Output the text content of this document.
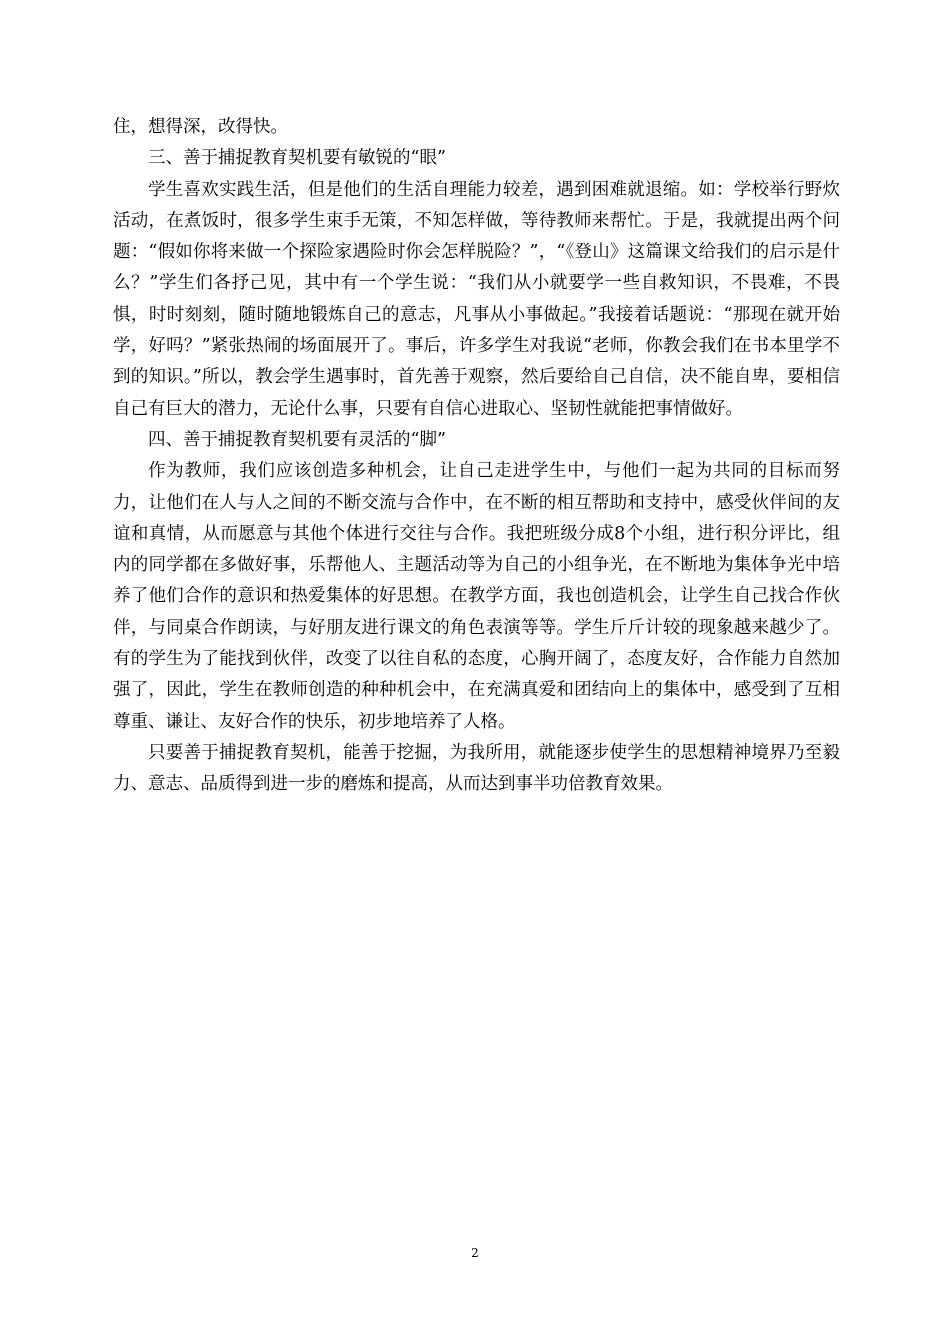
住，想得深，改得快。

三、善于捕捉教育契机要有敏锐的“眼”

学生喜欢实践生活，但是他们的生活自理能力较差，遇到困难就退缩。如：学校举行野炊活动，在煮饭时，很多学生束手无策，不知怎样做，等待教师来帮忙。于是，我就提出两个问题：“假如你将来做一个探险家遇险时你会怎样脱险？”，“《登山》这篇课文给我们的启示是什么？”学生们各抒己见，其中有一个学生说：“我们从小就要学一些自救知识，不畏难，不畏惧，时时刻刻，随时随地锻炼自己的意志，凡事从小事做起。”我接着话题说：“那现在就开始学，好吗？”紧张热闹的场面展开了。事后，许多学生对我说“老师，你教会我们在书本里学不到的知识。”所以，教会学生遇事时，首先善于观察，然后要给自己自信，决不能自卑，要相信自己有巨大的潜力，无论什么事，只要有自信心进取心、坚韧性就能把事情做好。

四、善于捕捉教育契机要有灵活的“脚”

作为教师，我们应该创造多种机会，让自己走进学生中，与他们一起为共同的目标而努力，让他们在人与人之间的不断交流与合作中，在不断的相互帮助和支持中，感受伙伴间的友谊和真情，从而愿意与其他个体进行交往与合作。我把班级分成8个小组，进行积分评比，组内的同学都在多做好事，乐帮他人、主题活动等为自己的小组争光，在不断地为集体争光中培养了他们合作的意识和热爱集体的好思想。在教学方面，我也创造机会，让学生自己找合作伙伴，与同桌合作朗读，与好朋友进行课文的角色表演等等。学生斤斤计较的现象越来越少了。有的学生为了能找到伙伴，改变了以往自私的态度，心胸开阔了，态度友好，合作能力自然加强了，因此，学生在教师创造的种种机会中，在充满真爱和团结向上的集体中，感受到了互相尊重、谦让、友好合作的快乐，初步地培养了人格。

只要善于捕捉教育契机，能善于挖掘，为我所用，就能逐步使学生的思想精神境界乃至毅力、意志、品质得到进一步的磨炼和提高，从而达到事半功倍教育效果。

2
